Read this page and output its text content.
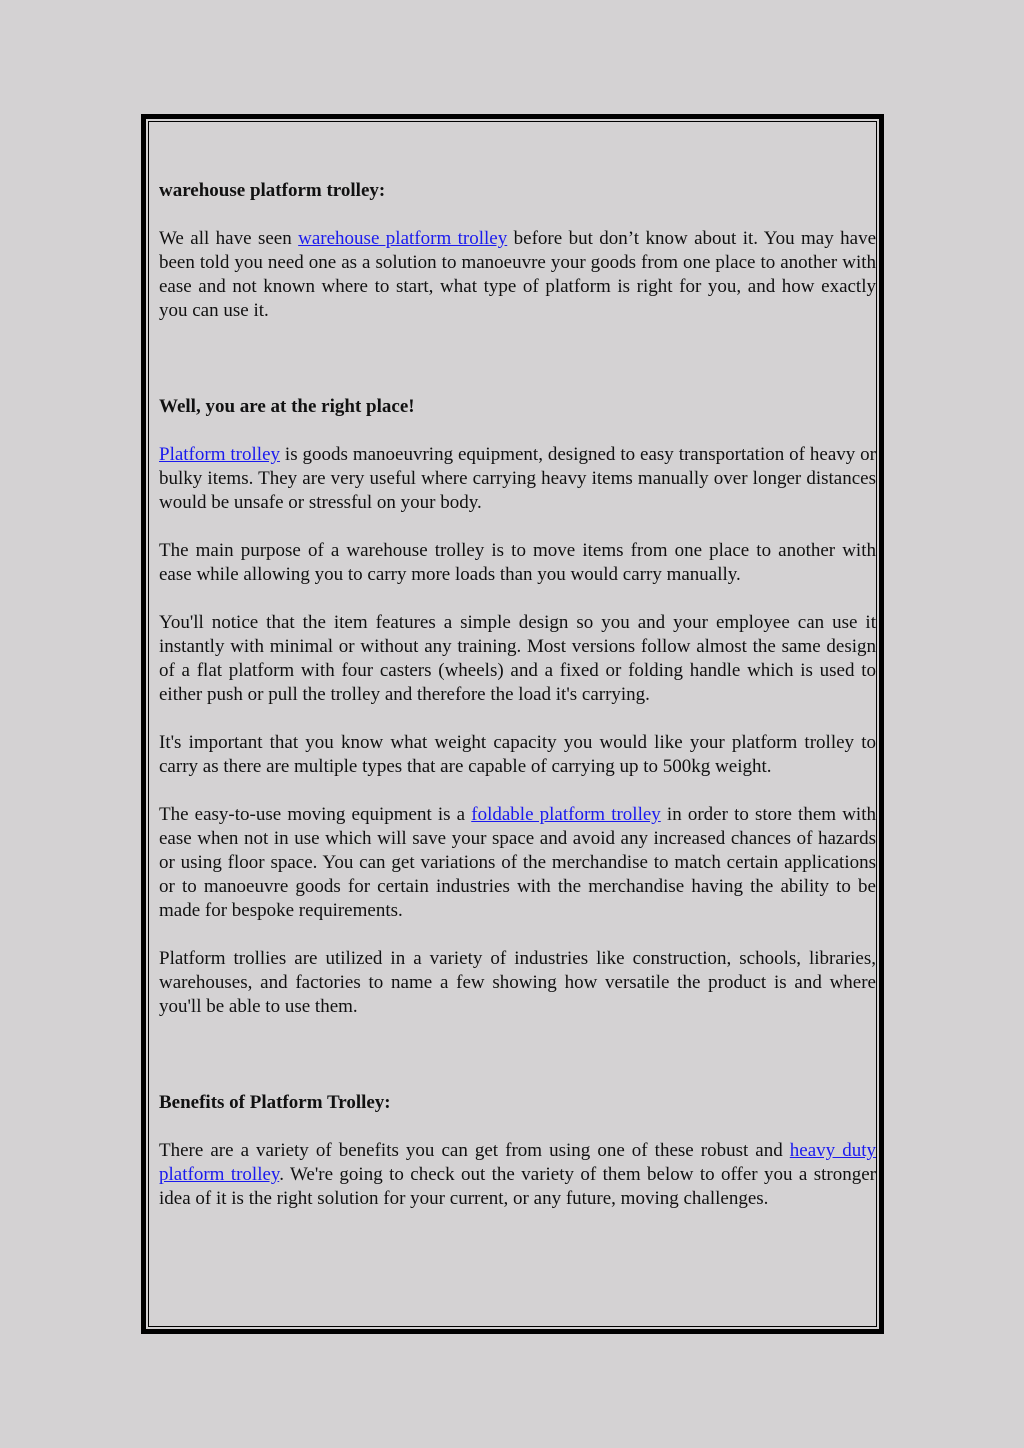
warehouse platform trolley:

We all have seen warehouse platform trolley before but don’t know about it. You may have been told you need one as a solution to manoeuvre your goods from one place to another with ease and not known where to start, what type of platform is right for you, and how exactly you can use it.

Well, you are at the right place!

Platform trolley is goods manoeuvring equipment, designed to easy transportation of heavy or bulky items. They are very useful where carrying heavy items manually over longer distances would be unsafe or stressful on your body.

The main purpose of a warehouse trolley is to move items from one place to another with ease while allowing you to carry more loads than you would carry manually.

You'll notice that the item features a simple design so you and your employee can use it instantly with minimal or without any training. Most versions follow almost the same design of a flat platform with four casters (wheels) and a fixed or folding handle which is used to either push or pull the trolley and therefore the load it's carrying.

It's important that you know what weight capacity you would like your platform trolley to carry as there are multiple types that are capable of carrying up to 500kg weight.

The easy-to-use moving equipment is a foldable platform trolley in order to store them with ease when not in use which will save your space and avoid any increased chances of hazards or using floor space. You can get variations of the merchandise to match certain applications or to manoeuvre goods for certain industries with the merchandise having the ability to be made for bespoke requirements.

Platform trollies are utilized in a variety of industries like construction, schools, libraries, warehouses, and factories to name a few showing how versatile the product is and where you'll be able to use them.

Benefits of Platform Trolley:

There are a variety of benefits you can get from using one of these robust and heavy duty platform trolley. We're going to check out the variety of them below to offer you a stronger idea of it is the right solution for your current, or any future, moving challenges.
